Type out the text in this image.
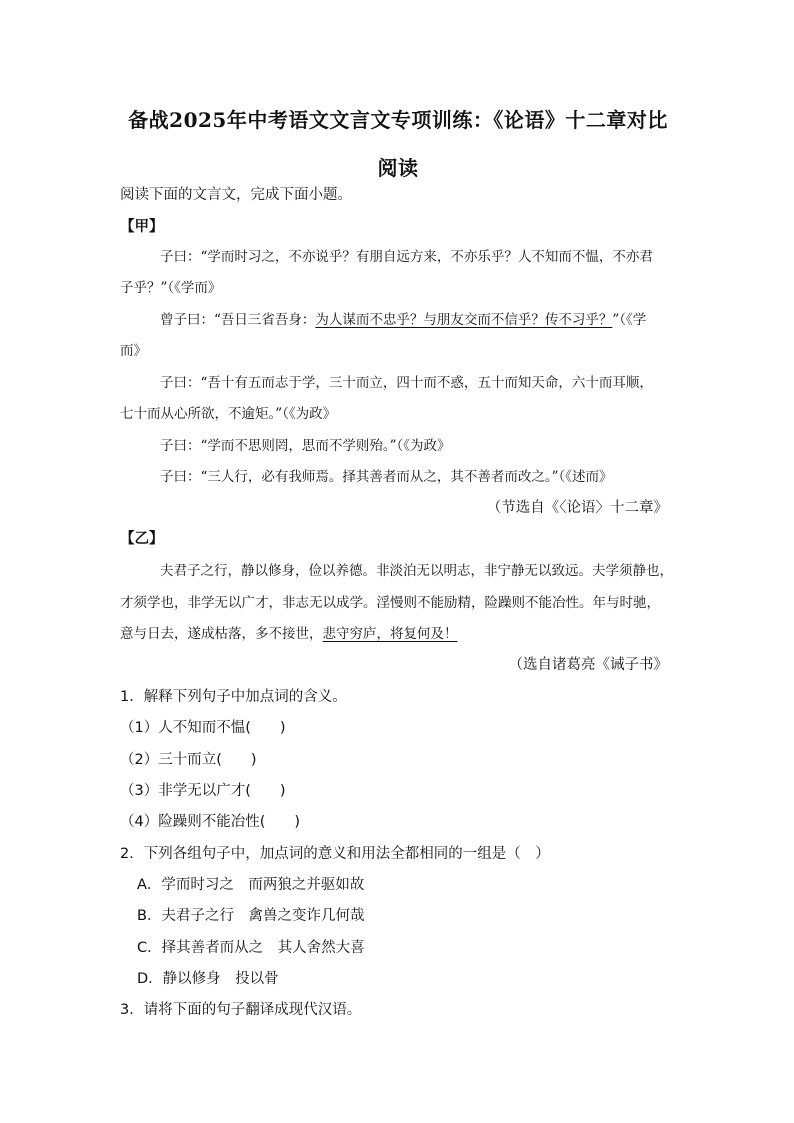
备战2025年中考语文文言文专项训练：《论语》十二章对比阅读
阅读下面的文言文，完成下面小题。
【甲】
子曰：“学而时习之，不亦说乎？有朋自远方来，不亦乐乎？人不知而不愠，不亦君
子乎？”（《学而》
曾子曰：“吾日三省吾身：为人谋而不忠乎？与朋友交而不信乎？传不习乎？”（《学
而》
子曰：“吾十有五而志于学，三十而立，四十而不惑，五十而知天命，六十而耳顺，
七十而从心所欲，不逾矩。”（《为政》
子曰：“学而不思则罔，思而不学则殆。”（《为政》
子曰：“三人行，必有我师焉。择其善者而从之，其不善者而改之。”（《述而》
（节选自《〈论语〉十二章》
【乙】
夫君子之行，静以修身，俭以养德。非淡泊无以明志，非宁静无以致远。夫学须静也，
才须学也，非学无以广才，非志无以成学。淫慢则不能励精，险躁则不能冶性。年与时驰，
意与日去，遂成枯落，多不接世，悲守穷庐，将复何及！
（选自诸葛亮《诫子书》
1．解释下列句子中加点词的含义。
（1）人不知而不愠(　　)
（2）三十而立(　　)
（3）非学无以广才(　　)
（4）险躁则不能冶性(　　)
2．下列各组句子中，加点词的意义和用法全都相同的一组是（　）
A．学而时习之　而两狼之并驱如故
B．夫君子之行　禽兽之变诈几何哉
C．择其善者而从之　其人舍然大喜
D．静以修身　投以骨
3．请将下面的句子翻译成现代汉语。
